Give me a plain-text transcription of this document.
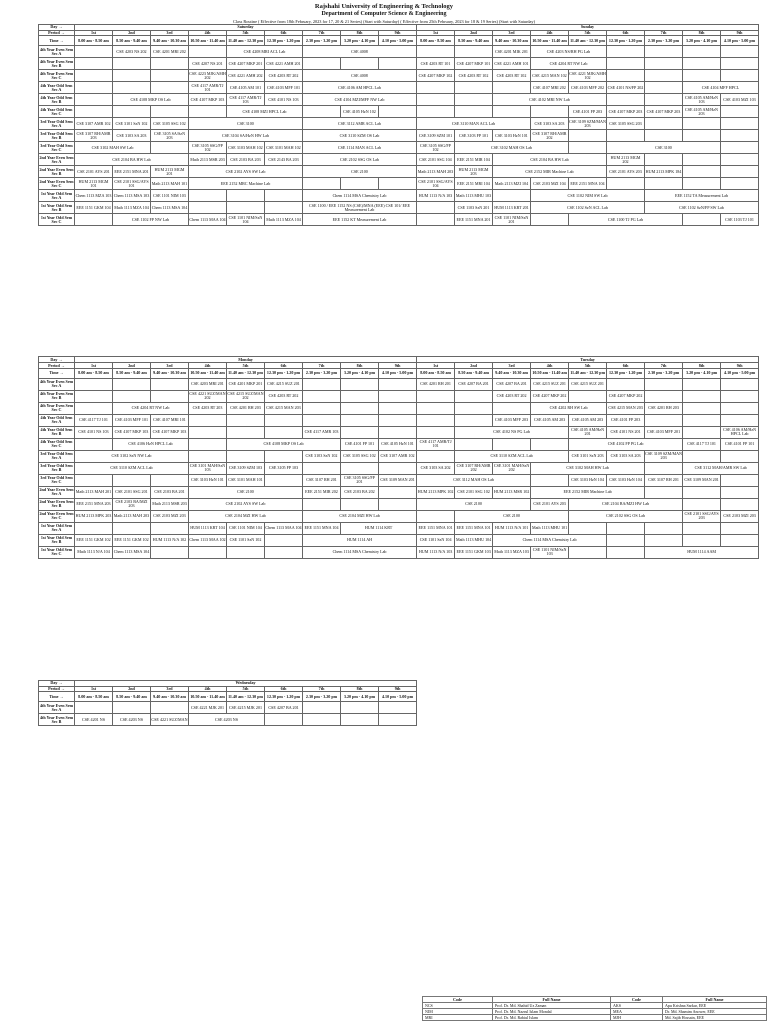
Rajshahi University of Engineering & Technology
Department of Computer Science & Engineering
Class Routine ( Effective from 18th February, 2023 for 17, 20 & 21 Series) (Start with Saturday) ( Effective from 25th February, 2023 for 18 & 19 Series) (Start with Saturday)
Day →	Saturday									Sunday								
Period →	1st	2nd	3rd	4th	5th	6th	7th	8th	9th	1st	2nd	3rd	4th	5th	6th	7th	8th	9th
Time →	8.00 am - 8.50 am	8.50 am - 9.40 am	9.40 am - 10.30 am	10.50 am - 11.40 am	11.40 am - 12.30 pm	12.30 pm - 1.20 pm	2.30 pm - 3.20 pm	3.20 pm - 4.10 pm	4.10 pm - 5.00 pm	8.00 am - 8.50 am	8.50 am - 9.40 am	9.40 am - 10.30 am	10.50 am - 11.40 am	11.40 am - 12.30 pm	12.30 pm - 1.20 pm	2.30 pm - 3.20 pm	3.20 pm - 4.10 pm	4.10 pm - 5.00 pm
4th Year Even Sem Sec A		CSE 4203 NS 202	CSE 4201 MRI 202		CSE 4208 MRI ACL Lab		CSE 4008					CSE 4201 MIK 201	CSE 4203 NS/RH PG Lab					
4th Year Even Sem Sec B				CSE 4207 NS 201	CSE 4207 MKP 201	CSE 4221 AMH 201				CSE 4203 RT 101	CSE 4207 MKP 101	CSE 4221 AMH 101	CSE 4204 RT NW Lab					
4th Year Even Sem Sec C				CSE 4223 MJK/AMH 202	CSE 4221 AMH 202	CSE 4203 RT 202	CSE 4008			CSE 4207 MKP 102	CSE 4203 RT 102	CSE 4203 RT 102	CSE 4215 MAN 102	CSE 4221 MJK/AMH 102				
4th Year Odd Sem Sec A				CSE 4117 AMR/TJ 101	CSE 4105 AM 101	CSE 4103 MFF 101	CSE 4106 AM HPCL Lab						CSE 4107 MRI 202	CSE 4103 MFF 202	CSE 4101 NS/FP 202		CSE 4104 MFF HPCL	
4th Year Odd Sem Sec B		CSE 4108 MKP OS Lab		CSE 4107 MKP 103	CSE 4117 AMR/TJ 103	CSE 4101 NS 103	CSE 4104 MZI/MFF NW Lab					CSE 4102 MRI NW Lab					CSE 4105 AM/HzN 103	CSE 4103 MZI 103
4th Year Odd Sem Sec C					CSE 4108 MZI HPCL Lab			CSE 4105 HzN 102						CSE 4101 FP 203	CSE 4107 MKP 203	CSE 4107 MKP 203	CSE 4105 AM/HzN 203	
3rd Year Odd Sem Sec A	CSE 3107 AMR 102	CSE 3101 SzN 102	CSE 3105 SSG 102	CSE 3100			CSE 3112 AMR ACL Lab			CSE 3110 MAN ACL Lab			CSE 3103 SA 203	CSE 3109 SZM/MAN 203	CSE 3105 SSG 203			
3rd Year Odd Sem Sec B	CSE 3107 RH/AMR 203	CSE 3103 SA 203	CSE 3105 SA/SzN 203	CSE 3104 SA/HzN HW Lab			CSE 3110 SZM OS Lab			CSE 3109 SZM 101	CSE 3103 FP 101	CSE 3103 HzN 101	CSE 3107 RH/AMR 202					
3rd Year Odd Sem Sec C	CSE 3102 MAH SW Lab			CSE 3105 SSG/FP 102	CSE 3103 MAH 102	CSE 3101 MAH 102	CSE 1114 MAN ACL Lab			CSE 3105 SSG/FP 102	CSE 3102 MAH OS Lab				CSE 3100			
2nd Year Even Sem Sec A	CSE 2104 BA HW Lab			Math 2113 MSR 203	CSE 2103 BA 203	CSE 2143 BA 203	CSE 2102 SSG OS Lab			CSE 2101 SSG 104	EEE 2151 MIR 104	CSE 2104 BA HW Lab			HUM 2113 MGM 202			
2nd Year Even Sem Sec B	CSE 2101 AYS 201	EEE 2151 MNA 201	HUM 2113 MGM 201	CSE 2102 AYS SW Lab			CSE 2100			Math 2113 MAH 203	HUM 2113 MGM 203	CSE 2152 MIR Machine Lab			CSE 2101 AYS 203	HUM 2113 MPK 184		
2nd Year Even Sem Sec C	HUM 2113 MGM 101	CSE 2101 SSG/AYS 101	Math 2113 MAH 101	EEE 2152 MRC Machine Lab						CSE 2101 SSG/AYS 104	EEE 2151 MRI 104	Math 2113 MZI 104	CSE 2103 MZI 104	EEE 2151 MNA 104				
1st Year Odd Sem Sec A	Chem 1113 MZA 103	Chem 1113 MSA 103	CSE 1101 NIM 103				Chem 1114 MSA Chemistry Lab			HUM 1113 N/A 103	Math 1113 MHU 103		CSE 1102 NIM SW Lab			EEE 1152 TA Measurement Lab		
1st Year Odd Sem Sec B	EEE 1151 GKM 104	Math 1113 MZA 104	Chem 1113 MSA 104				CSE 1100 / EEE 1152 NS (CSE)/MNA (EEE) CSE 101/ EEE Measurement Lab				CSE 1103 SzN 201	HUM 1113 KRT 201	CSE 1102 SzN ACL Lab			CSE 1102 SzN/FP SW Lab		
1st Year Odd Sem Sec C		CSE 1102 FP NW Lab		Chem 1113 MAA 104	CSE 1101 NIM/SzN 104	Math 1113 MZA 104	EEE 1152 KT Measurement Lab				EEE 1151 MNA 201	CSE 1101 NIM/SzN 201		CSE 1100 TJ PG Lab				CSE 1103 TJ 101
Day →	Monday									Tuesday								
Period →	1st	2nd	3rd	4th	5th	6th	7th	8th	9th	1st	2nd	3rd	4th	5th	6th	7th	8th	9th
Time →	8.00 am - 8.50 am	8.50 am - 9.40 am	9.40 am - 10.30 am	10.50 am - 11.40 am	11.40 am - 12.30 pm	12.30 pm - 1.20 pm	2.30 pm - 3.20 pm	3.20 pm - 4.10 pm	4.10 pm - 5.00 pm	8.00 am - 8.50 am	8.50 am - 9.40 am	9.40 am - 10.30 am	10.50 am - 11.40 am	11.40 am - 12.30 pm	12.30 pm - 1.20 pm	2.30 pm - 3.20 pm	3.20 pm - 4.10 pm	4.10 pm - 5.00 pm
4th Year Even Sem Sec A				CSE 4203 MRI 201	CSE 4201 MKP 201	CSE 4215 SUZ 201				CSE 4201 RH 201	CSE 4207 BA 201	CSE 4207 BA 201	CSE 4215 SUZ 201	CSE 4215 SUZ 201				
4th Year Even Sem Sec B				CSE 4221 SUZ/MAN 202	CSE 4215 SUZ/MAN 202	CSE 4203 RT 202						CSE 4203 RT 202	CSE 4207 MKP 202		CSE 4207 MKP 202			
4th Year Even Sem Sec C		CSE 4204 RT NW Lab		CSE 4203 RT 203	CSE 4201 RH 203	CSE 4215 MAN 203							CSE 4202 RH SW Lab		CSE 4215 MAN 203	CSE 4201 RH 203		
4th Year Odd Sem Sec A	CSE 4117 TJ 101	CSE 4103 MFF 101	CSE 4107 MRI 101									CSE 4103 MFF 203	CSE 4105 AM 203	CSE 4105 AM 203	CSE 4101 FP 203			
4th Year Odd Sem Sec B	CSE 4101 NS 103	CSE 4107 MKP 103	CSE 4107 MKP 103				CSE 4117 AMR 103				CSE 4102 NS PG Lab			CSE 4105 AM/HzN 201	CSE 4101 NS 201	CSE 4103 MFF 201		CSE 4106 AM/HzN HPCL Lab
4th Year Odd Sem Sec C		CSE 4106 HzN HPCL Lab			CSE 4108 MKP OS Lab			CSE 4101 FP 101	CSE 4105 HzN 101	CSE 4117 AMR/TJ 101				CSE 4102 FP PG Lab			CSE 4117 TJ 101	CSE 4101 FP 101
3rd Year Odd Sem Sec A	CSE 3102 SzN NW Lab						CSE 3103 SzN 102	CSE 3105 SSG 102	CSE 3107 AMR 102		CSE 3110 SZM ACL Lab			CSE 3101 SzN 203	CSE 3103 SA 203	CSE 3109 SZM/MAN 203		
3rd Year Odd Sem Sec B	CSE 3110 SZM ACL Lab			CSE 3101 MAH/SzN 103	CSE 3109 SZM 103	CSE 3105 FP 103				CSE 3103 SA 202	CSE 3107 RH/AMR 202	CSE 3101 MAH/SzN 202	CSE 3102 MAH HW Lab				CSE 3112 MAH/AMR SW Lab	
3rd Year Odd Sem Sec C				CSE 3103 HzN 101	CSE 3101 MAH 101		CSE 3107 RH 201	CSE 3105 SSG/FP 201	CSE 3109 MAN 201	CSE 3112 MAH OS Lab				CSE 3103 HzN 104	CSE 3103 HzN 104	CSE 3107 RH 201	CSE 3109 MAN 201	
2nd Year Even Sem Sec A	Math 2113 MAH 201	CSE 2101 SSG 201	CSE 2103 BA 201	CSE 2100			EEE 2151 MIR 202	CSE 2103 BA 202		HUM 2113 MPK 102	CSE 2101 SSG 102	HUM 2113 MSR 102	EEE 2152 MIR Machine Lab					
2nd Year Even Sem Sec B	EEE 2151 MNA 203	CSE 2103 BA/MZI 203	Math 2113 MSR 203	CSE 2102 AYS SW Lab						CSE 2100			CSE 2101 AYS 203	CSE 2104 BA/MZI HW Lab				
2nd Year Even Sem Sec C	HUM 2113 MPK 203	Math 2113 MAH 203	CSE 2103 MZI 203	CSE 2104 MZI HW Lab			CSE 2104 MZI HW Lab				CSE 2100			CSE 2102 SSG OS Lab			CSE 2101 SSG/AYS 203	CSE 2103 MZI 203
1st Year Odd Sem Sec A				HUM 1113 KRT 104	CSE 1101 NIM 104	Chem 1113 MAA 104	EEE 1151 MNA 104	HUM 1114 KRT		EEE 1151 MNA 101	EEE 1151 MNA 101	HUM 1113 N/A 101	Math 1113 MHU 101					
1st Year Odd Sem Sec B	EEE 1151 GKM 102	EEE 1151 GKM 102	HUM 1113 N/A 102	Chem 1113 MAA 102	CSE 1101 SzN 102		HUM 1114 AH			CSE 1101 SzN 104	Math 1113 MHU 104	Chem 1114 MSA Chemistry Lab						
1st Year Odd Sem Sec C	Math 1113 N/A 104	Chem 1113 MSA 104					Chem 1114 MSA Chemistry Lab			HUM 1113 N/A 103	EEE 1151 GKM 103	Math 1113 MZA 103	CSE 1101 NIM/SzN 103			HUM 1114 AAM		
Day →	Wednesday								
Period →	1st	2nd	3rd	4th	5th	6th	7th	8th	9th
Time →	8.00 am - 8.50 am	8.50 am - 9.40 am	9.40 am - 10.30 am	10.50 am - 11.40 am	11.40 am - 12.30 pm	12.30 pm - 1.20 pm	2.30 pm - 3.20 pm	3.20 pm - 4.10 pm	4.10 pm - 5.00 pm
4th Year Even Sem Sec A				CSE 4221 MJK 201	CSE 4215 MJK 201	CSE 4207 BA 201			
4th Year Even Sem Sec B	CSE 4201 NS	CSE 4203 NS	CSE 4221 SUZ/MAN	CSE 4203 NS					
Code	Full Name	Code	Full Name
NCS	Prof. Dr. Md. Shahid Uz Zaman	AKS	Apu Krishna Sarkar, EEE
NIM	Prof. Dr. Md. Nazrul Islam Mondal	MEA	Dr. Md. Shamim Anower, EEE
MRI	Prof. Dr. Md. Rabiul Islam	MJH	Md. Sajib Hossain, EEE
